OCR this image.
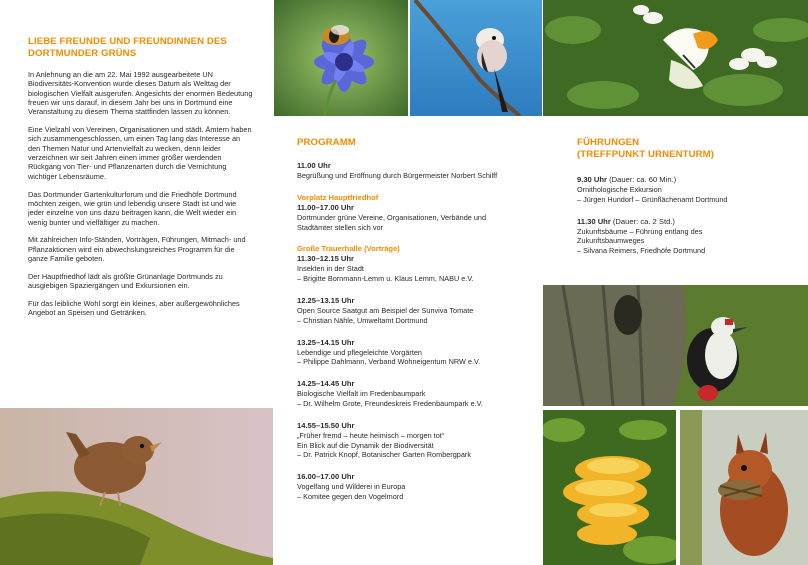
LIEBE FREUNDE UND FREUNDINNEN DES
DORTMUNDER GRÜNS

In Anlehnung an die am 22. Mai 1992 ausgearbeitete UN Biodiversitäts-Konvention wurde dieses Datum als Welttag der biologischen Vielfalt ausgerufen. Angesichts der enormen Bedeutung freuen wir uns darauf, in diesem Jahr bei uns in Dortmund eine Veranstaltung zu diesem Thema stattfinden lassen zu können.

Eine Vielzahl von Vereinen, Organisationen und städt. Ämtern haben sich zusammengeschlossen, um einen Tag lang das Interesse an den Themen Natur und Artenvielfalt zu wecken, denn leider verzeichnen wir seit Jahren einen immer größer werdenden Rückgang von Tier- und Pflanzenarten durch die Vernichtung wichtiger Lebensräume.

Das Dortmunder Gartenkulturforum und die Friedhöfe Dortmund möchten zeigen, wie grün und lebendig unsere Stadt ist und wie jeder einzelne von uns dazu beitragen kann, die Welt wieder ein wenig bunter und vielfältiger zu machen.

Mit zahlreichen Info-Ständen, Vorträgen, Führungen, Mitmach- und Pflanzaktionen wird ein abwechslungsreiches Programm für die ganze Familie geboten.

Der Hauptfriedhof lädt als größte Grünanlage Dortmunds zu ausgiebigen Spaziergängen und Exkursionen ein.

Für das leibliche Wohl sorgt ein kleines, aber außergewöhnliches Angebot an Speisen und Getränken.

PROGRAMM
11.00 Uhr
Begrüßung und Eröffnung durch Bürgermeister Norbert Schilff
Vorplatz Hauptfriedhof
11.00–17.00 Uhr
Dortmunder grüne Vereine, Organisationen, Verbände und
Stadtämter stellen sich vor
Große Trauerhalle (Vorträge)
11.30–12.15 Uhr
Insekten in der Stadt
– Brigitte Bornmann-Lemm u. Klaus Lemm, NABU e.V.
12.25–13.15 Uhr
Open Source Saatgut am Beispiel der Sunviva Tomate
– Christian Nähle, Umweltamt Dortmund
13.25–14.15 Uhr
Lebendige und pflegeleichte Vorgärten
– Philippe Dahlmann, Verband Wohneigentum NRW e.V.
14.25–14.45 Uhr
Biologische Vielfalt im Fredenbaumpark
– Dr. Wilhelm Grote, Freundeskreis Fredenbaumpark e.V.
14.55–15.50 Uhr
„Früher fremd – heute heimisch – morgen tot“
Ein Blick auf die Dynamik der Biodiversität
– Dr. Patrick Knopf, Botanischer Garten Rombergpark
16.00–17.00 Uhr
Vogelfang und Wilderei in Europa
– Komitee gegen den Vogelmord
FÜHRUNGEN
(TREFFPUNKT URNENTURM)
9.30 Uhr (Dauer: ca. 60 Min.)
Ornithologische Exkursion
– Jürgen Hundorf – Grünflächenamt Dortmund
11.30 Uhr (Dauer: ca. 2 Std.)
Zukunftsbäume – Führung entlang des
Zukunftsbaumweges
– Silvana Reimers, Friedhöfe Dortmund
